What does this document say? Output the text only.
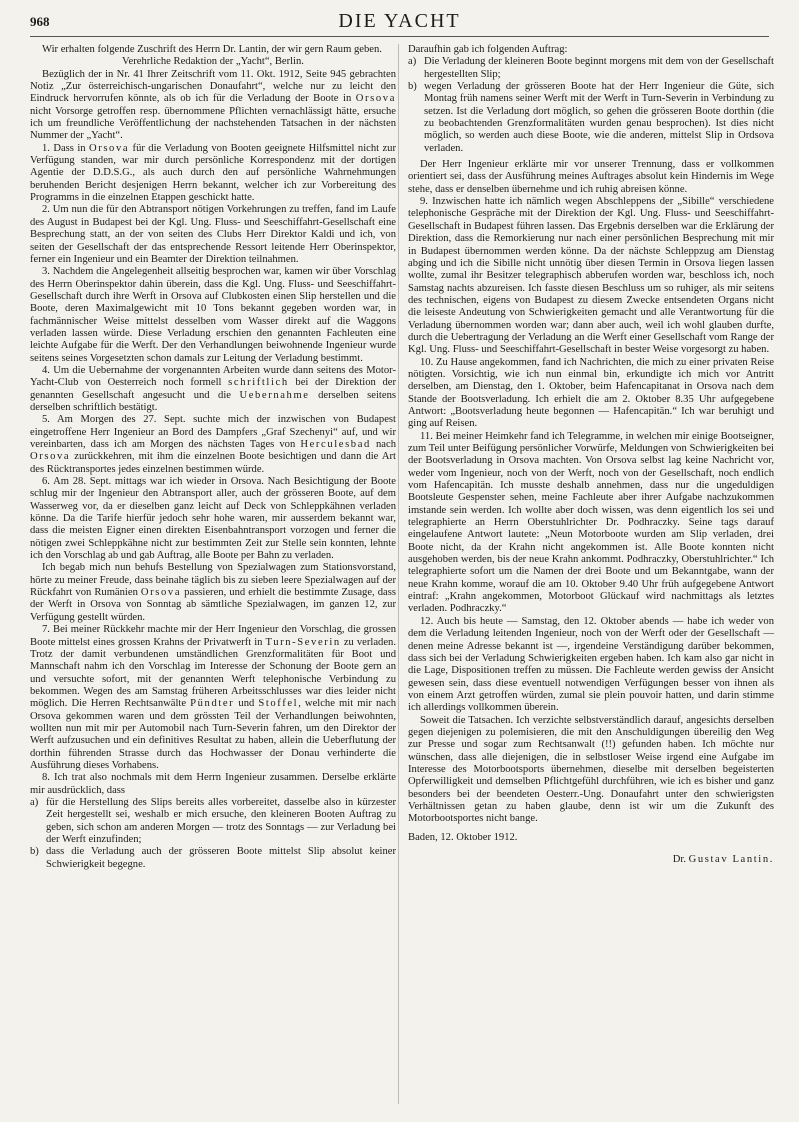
968	DIE YACHT

Wir erhalten folgende Zuschrift des Herrn Dr. Lantin, der wir gern Raum geben.

Verehrliche Redaktion der „Yacht“, Berlin.

Bezüglich der in Nr. 41 Ihrer Zeitschrift vom 11. Okt. 1912, Seite 945 gebrachten Notiz „Zur österreichisch-ungarischen Donaufahrt“, welche nur zu leicht den Eindruck hervorrufen könnte, als ob ich für die Verladung der Boote in Orsova nicht Vorsorge getroffen resp. übernommene Pflichten vernachlässigt hätte, ersuche ich um freundliche Veröffentlichung der nachstehenden Tatsachen in der nächsten Nummer der „Yacht“.

1. Dass in Orsova für die Verladung von Booten geeignete Hilfsmittel nicht zur Verfügung standen, war mir durch persönliche Korrespondenz mit der dortigen Agentie der D.D.S.G., als auch durch den auf persönliche Wahrnehmungen beruhenden Bericht desjenigen Herrn bekannt, welcher ich zur Vorbereitung des Programms in die einzelnen Etappen geschickt hatte.

2. Um nun die für den Abtransport nötigen Vorkehrungen zu treffen, fand im Laufe des August in Budapest bei der Kgl. Ung. Fluss- und Seeschiffahrt-Gesellschaft eine Besprechung statt, an der von seiten des Clubs Herr Direktor Kaldi und ich, von seiten der Gesellschaft der das entsprechende Ressort leitende Herr Oberinspektor, ferner ein Ingenieur und ein Beamter der Direktion teilnahmen.

3. Nachdem die Angelegenheit allseitig besprochen war, kamen wir über Vorschlag des Herrn Oberinspektor dahin überein, dass die Kgl. Ung. Fluss- und Seeschiffahrt-Gesellschaft durch ihre Werft in Orsova auf Clubkosten einen Slip herstellen und die Boote, deren Maximalgewicht mit 10 Tons bekannt gegeben worden war, in fachmännischer Weise mittelst desselben vom Wasser direkt auf die Waggons verladen lassen würde. Diese Verladung erschien den genannten Fachleuten eine leichte Aufgabe für die Werft. Der den Verhandlungen beiwohnende Ingenieur wurde seitens seines Vorgesetzten schon damals zur Leitung der Verladung bestimmt.

4. Um die Uebernahme der vorgenannten Arbeiten wurde dann seitens des Motor-Yacht-Club von Oesterreich noch formell schriftlich bei der Direktion der genannten Gesellschaft angesucht und die Uebernahme derselben seitens derselben schriftlich bestätigt.

5. Am Morgen des 27. Sept. suchte mich der inzwischen von Budapest eingetroffene Herr Ingenieur an Bord des Dampfers „Graf Szechenyi“ auf, und wir vereinbarten, dass ich am Morgen des nächsten Tages von Herculesbad nach Orsova zurückkehren, mit ihm die einzelnen Boote besichtigen und dann die Art des Rücktransportes jedes einzelnen bestimmen würde.

6. Am 28. Sept. mittags war ich wieder in Orsova. Nach Besichtigung der Boote schlug mir der Ingenieur den Abtransport aller, auch der grösseren Boote, auf dem Wasserweg vor, da er dieselben ganz leicht auf Deck von Schleppkähnen verladen könne. Da die Tarife hierfür jedoch sehr hohe waren, mir ausserdem bekannt war, dass die meisten Eigner einen direkten Eisenbahntransport vorzogen und ferner die nötigen zwei Schleppkähne nicht zur bestimmten Zeit zur Stelle sein konnten, lehnte ich den Vorschlag ab und gab Auftrag, alle Boote per Bahn zu verladen.

Ich begab mich nun behufs Bestellung von Spezialwagen zum Stationsvorstand, hörte zu meiner Freude, dass beinahe täglich bis zu sieben leere Spezialwagen auf der Rückfahrt von Rumänien Orsova passieren, und erhielt die bestimmte Zusage, dass der Werft in Orsova von Sonntag ab sämtliche Spezialwagen, im ganzen 12, zur Verfügung gestellt würden.

7. Bei meiner Rückkehr machte mir der Herr Ingenieur den Vorschlag, die grossen Boote mittelst eines grossen Krahns der Privatwerft in Turn-Severin zu verladen. Trotz der damit verbundenen umständlichen Grenzformalitäten für Boot und Mannschaft nahm ich den Vorschlag im Interesse der Schonung der Boote gern an und versuchte sofort, mit der genannten Werft telephonische Verbindung zu bekommen. Wegen des am Samstag früheren Arbeitsschlusses war dies leider nicht möglich. Die Herren Rechtsanwälte Pündter und Stoffel, welche mit mir nach Orsova gekommen waren und dem grössten Teil der Verhandlungen beiwohnten, wollten nun mit mir per Automobil nach Turn-Severin fahren, um den Direktor der Werft aufzusuchen und ein definitives Resultat zu haben, allein die Ueberflutung der dorthin führenden Strasse durch das Hochwasser der Donau verhinderte die Ausführung dieses Vorhabens.

8. Ich trat also nochmals mit dem Herrn Ingenieur zusammen. Derselbe erklärte mir ausdrücklich, dass

a) für die Herstellung des Slips bereits alles vorbereitet, dasselbe also in kürzester Zeit hergestellt sei, weshalb er mich ersuche, den kleineren Booten Auftrag zu geben, sich schon am anderen Morgen — trotz des Sonntags — zur Verladung bei der Werft einzufinden;
b) dass die Verladung auch der grösseren Boote mittelst Slip absolut keiner Schwierigkeit begegne.

Daraufhin gab ich folgenden Auftrag:

a) Die Verladung der kleineren Boote beginnt morgens mit dem von der Gesellschaft hergestellten Slip;
b) wegen Verladung der grösseren Boote hat der Herr Ingenieur die Güte, sich Montag früh namens seiner Werft mit der Werft in Turn-Severin in Verbindung zu setzen. Ist die Verladung dort möglich, so gehen die grösseren Boote dorthin (die zu beobachtenden Grenzformalitäten wurden genau besprochen). Ist dies nicht möglich, so werden auch diese Boote, wie die anderen, mittelst Slip in Ordsova verladen.

Der Herr Ingenieur erklärte mir vor unserer Trennung, dass er vollkommen orientiert sei, dass der Ausführung meines Auftrages absolut kein Hindernis im Wege stehe, dass er denselben übernehme und ich ruhig abreisen könne.

9. Inzwischen hatte ich nämlich wegen Abschleppens der „Sibille“ verschiedene telephonische Gespräche mit der Direktion der Kgl. Ung. Fluss- und Seeschiffahrt-Gesellschaft in Budapest führen lassen. Das Ergebnis derselben war die Erklärung der Direktion, dass die Remorkierung nur nach einer persönlichen Besprechung mit mir in Budapest übernommen werden könne. Da der nächste Schleppzug am Dienstag abging und ich die Sibille nicht unnötig über diesen Termin in Orsova liegen lassen wollte, zumal ihr Besitzer telegraphisch abberufen worden war, beschloss ich, noch Samstag nachts abzureisen. Ich fasste diesen Beschluss um so ruhiger, als mir seitens des technischen, eigens von Budapest zu diesem Zwecke entsendeten Organs nicht die leiseste Andeutung von Schwierigkeiten gemacht und alle Verantwortung für die Verladung übernommen worden war; dann aber auch, weil ich wohl glauben durfte, durch die Uebertragung der Verladung an die Werft einer Gesellschaft vom Range der Kgl. Ung. Fluss- und Seeschiffahrt-Gesellschaft in bester Weise vorgesorgt zu haben.

10. Zu Hause angekommen, fand ich Nachrichten, die mich zu einer privaten Reise nötigten. Vorsichtig, wie ich nun einmal bin, erkundigte ich mich vor Antritt derselben, am Dienstag, den 1. Oktober, beim Hafencapitanat in Orsova nach dem Stande der Bootsverladung. Ich erhielt die am 2. Oktober 8.35 Uhr aufgegebene Antwort: „Bootsverladung heute begonnen — Hafencapitän.“ Ich war beruhigt und ging auf Reisen.

11. Bei meiner Heimkehr fand ich Telegramme, in welchen mir einige Bootseigner, zum Teil unter Beifügung persönlicher Vorwürfe, Meldungen von Schwierigkeiten bei der Bootsverladung in Orsova machten. Von Orsova selbst lag keine Nachricht vor, weder vom Ingenieur, noch von der Werft, noch von der Gesellschaft, noch endlich vom Hafencapitän. Ich musste deshalb annehmen, dass nur die ungeduldigen Bootsleute Gespenster sehen, meine Fachleute aber ihrer Aufgabe nachzukommen imstande sein werden. Ich wollte aber doch wissen, was denn eigentlich los sei und telegraphierte an Herrn Oberstuhlrichter Dr. Podhraczky. Seine tags darauf eingelaufene Antwort lautete: „Neun Motorboote wurden am Slip verladen, drei Boote nicht, da der Krahn nicht angekommen ist. Alle Boote konnten nicht ausgehoben werden, bis der neue Krahn ankommt. Podhraczky, Oberstuhlrichter.“ Ich telegraphierte sofort um die Namen der drei Boote und um Bekanntgabe, wann der neue Krahn komme, worauf die am 10. Oktober 9.40 Uhr früh aufgegebene Antwort eintraf: „Krahn angekommen, Motorboot Glückauf wird nachmittags als letztes verladen. Podhraczky.“

12. Auch bis heute — Samstag, den 12. Oktober abends — habe ich weder von dem die Verladung leitenden Ingenieur, noch von der Werft oder der Gesellschaft — denen meine Adresse bekannt ist —, irgendeine Verständigung darüber bekommen, dass sich bei der Verladung Schwierigkeiten ergeben haben. Ich kam also gar nicht in die Lage, Dispositionen treffen zu müssen. Die Fachleute werden gewiss der Ansicht gewesen sein, dass diese eventuell notwendigen Verfügungen besser von ihnen als von einem Arzt getroffen würden, zumal sie plein pouvoir hatten, und darin stimme ich allerdings vollkommen überein.

Soweit die Tatsachen. Ich verzichte selbstverständlich darauf, angesichts derselben gegen diejenigen zu polemisieren, die mit den Anschuldigungen übereilig den Weg zur Presse und sogar zum Rechtsanwalt (!!) gefunden haben. Ich möchte nur wünschen, dass alle diejenigen, die in selbstloser Weise irgend eine Aufgabe im Interesse des Motorbootsports übernehmen, dieselbe mit derselben begeisterten Opferwilligkeit und demselben Pflichtgefühl durchführen, wie ich es bisher und ganz besonders bei der beendeten Oesterr.-Ung. Donaufahrt unter den schwierigsten Verhältnissen getan zu haben glaube, denn ist wir um die Zukunft des Motorbootsportes nicht bange.

Baden, 12. Oktober 1912.
Dr. Gustav Lantin.
